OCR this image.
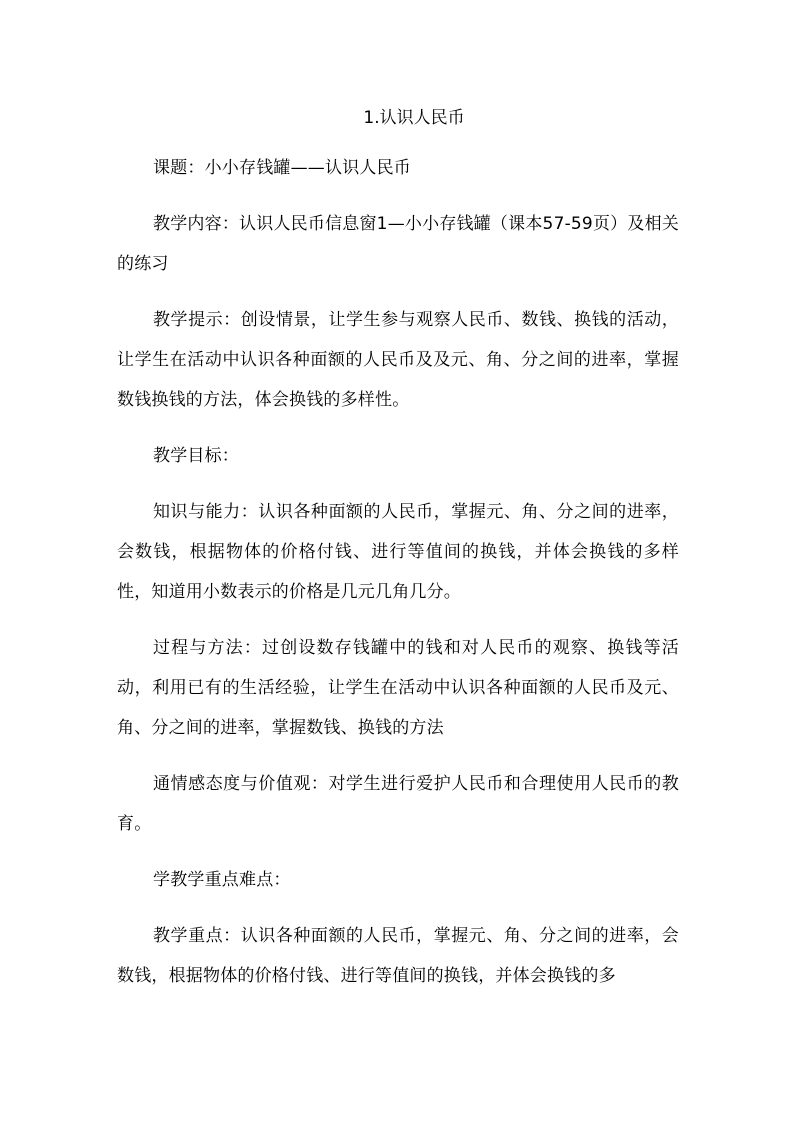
1.认识人民币

课题：小小存钱罐——认识人民币

教学内容：认识人民币信息窗1—小小存钱罐（课本57-59页）及相关的练习

教学提示：创设情景，让学生参与观察人民币、数钱、换钱的活动，让学生在活动中认识各种面额的人民币及及元、角、分之间的进率，掌握数钱换钱的方法，体会换钱的多样性。

教学目标：

知识与能力：认识各种面额的人民币，掌握元、角、分之间的进率，会数钱，根据物体的价格付钱、进行等值间的换钱，并体会换钱的多样性，知道用小数表示的价格是几元几角几分。

过程与方法：过创设数存钱罐中的钱和对人民币的观察、换钱等活动，利用已有的生活经验，让学生在活动中认识各种面额的人民币及元、角、分之间的进率，掌握数钱、换钱的方法

通情感态度与价值观：对学生进行爱护人民币和合理使用人民币的教育。

学教学重点难点：

教学重点：认识各种面额的人民币，掌握元、角、分之间的进率，会数钱，根据物体的价格付钱、进行等值间的换钱，并体会换钱的多
